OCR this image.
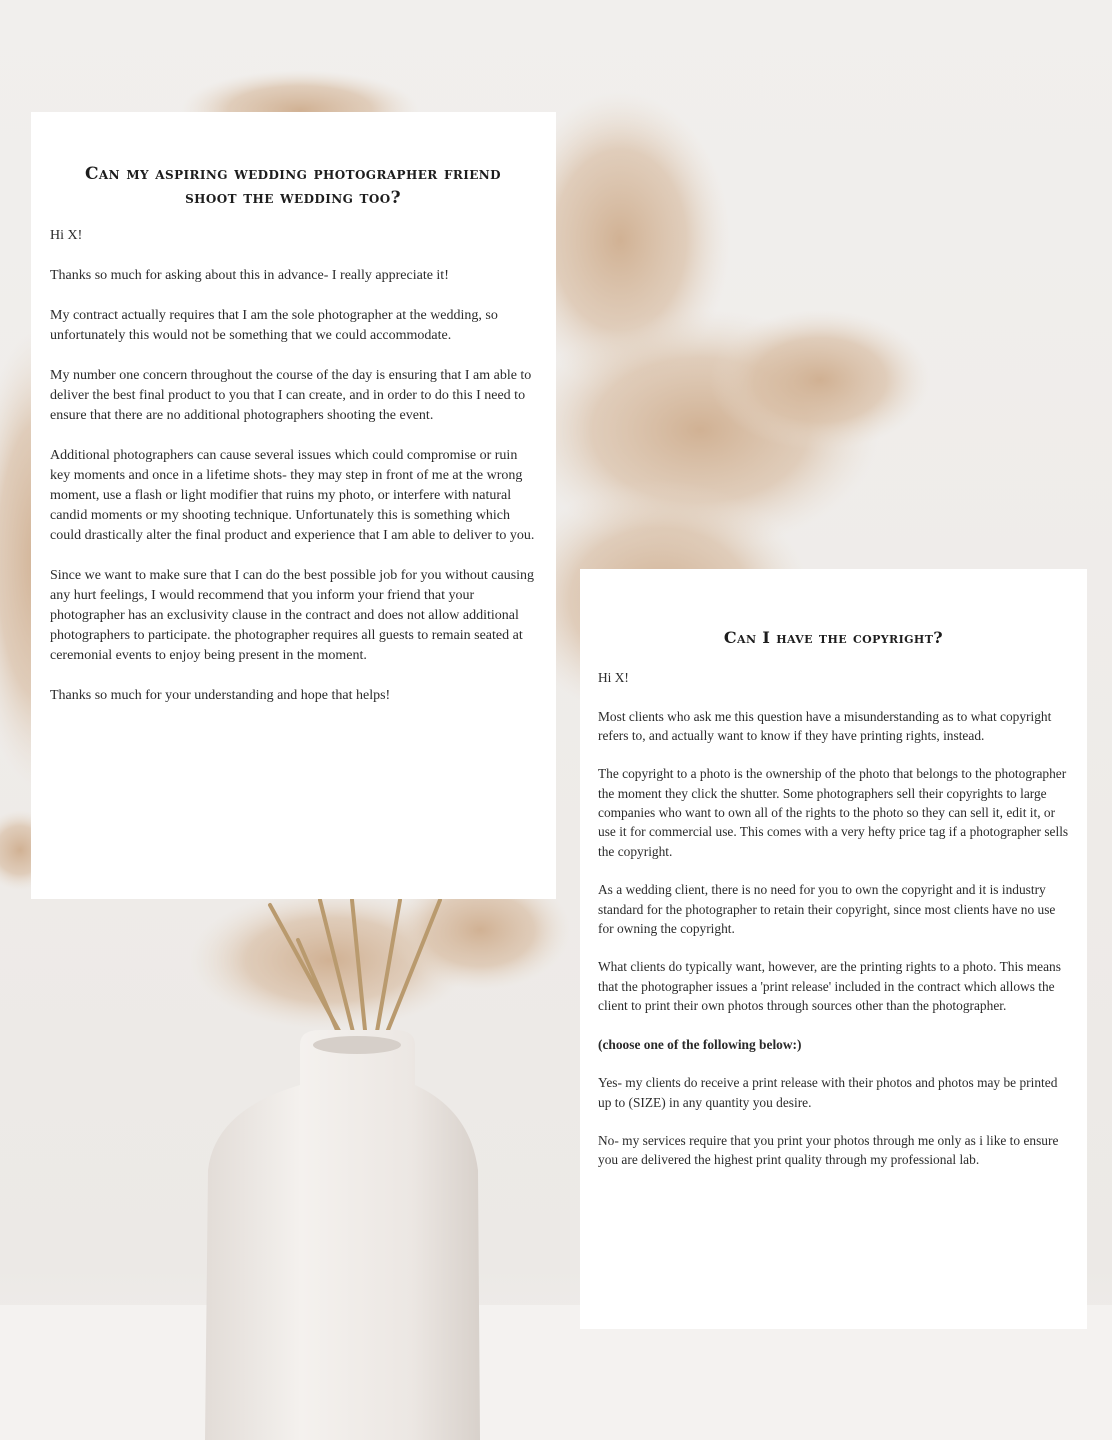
Can my aspiring wedding photographer friend shoot the wedding too?

Hi X!

Thanks so much for asking about this in advance- I really appreciate it!

My contract actually requires that I am the sole photographer at the wedding, so unfortunately this would not be something that we could accommodate.

My number one concern throughout the course of the day is ensuring that I am able to deliver the best final product to you that I can create, and in order to do this I need to ensure that there are no additional photographers shooting the event.

Additional photographers can cause several issues which could compromise or ruin key moments and once in a lifetime shots- they may step in front of me at the wrong moment, use a flash or light modifier that ruins my photo, or interfere with natural candid moments or my shooting technique. Unfortunately this is something which could drastically alter the final product and experience that I am able to deliver to you.

Since we want to make sure that I can do the best possible job for you without causing any hurt feelings, I would recommend that you inform your friend that your photographer has an exclusivity clause in the contract and does not allow additional photographers to participate. the photographer requires all guests to remain seated at ceremonial events to enjoy being present in the moment.

Thanks so much for your understanding and hope that helps!

Can I have the copyright?

Hi X!

Most clients who ask me this question have a misunderstanding as to what copyright refers to, and actually want to know if they have printing rights, instead.

The copyright to a photo is the ownership of the photo that belongs to the photographer the moment they click the shutter. Some photographers sell their copyrights to large companies who want to own all of the rights to the photo so they can sell it, edit it, or use it for commercial use. This comes with a very hefty price tag if a photographer sells the copyright.

As a wedding client, there is no need for you to own the copyright and it is industry standard for the photographer to retain their copyright, since most clients have no use for owning the copyright.

What clients do typically want, however, are the printing rights to a photo. This means that the photographer issues a 'print release' included in the contract which allows the client to print their own photos through sources other than the photographer.

(choose one of the following below:)

Yes- my clients do receive a print release with their photos and photos may be printed up to (SIZE) in any quantity you desire.

No- my services require that you print your photos through me only as i like to ensure you are delivered the highest print quality through my professional lab.
